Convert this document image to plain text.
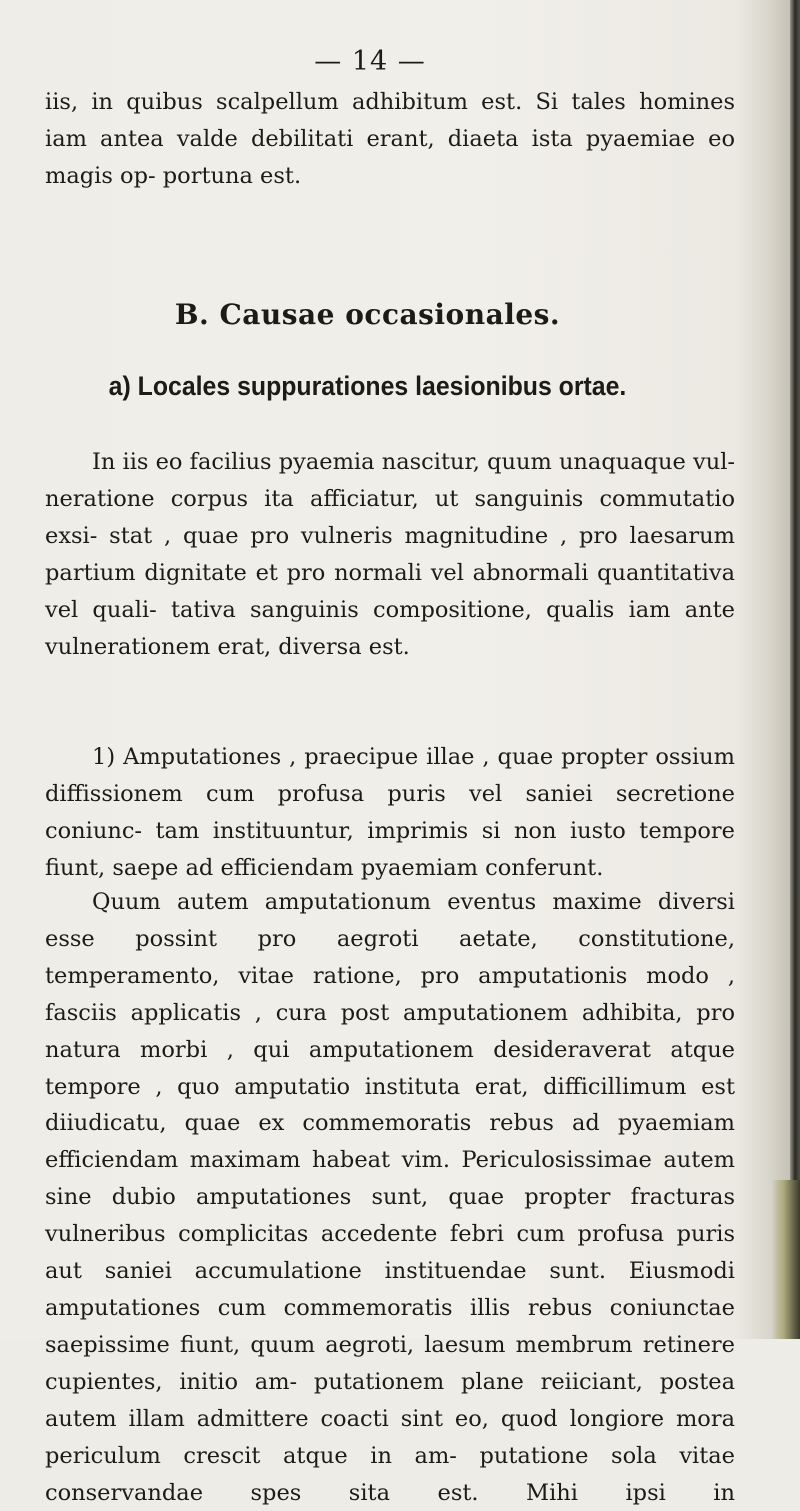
— 14 —
iis, in quibus scalpellum adhibitum est. Si tales homines iam antea valde debilitati erant, diaeta ista pyaemiae eo magis op- portuna est.
B. Causae occasionales.
a) Locales suppurationes laesionibus ortae.
In iis eo facilius pyaemia nascitur, quum unaquaque vul- neratione corpus ita afficiatur, ut sanguinis commutatio exsi- stat , quae pro vulneris magnitudine , pro laesarum partium dignitate et pro normali vel abnormali quantitativa vel quali- tativa sanguinis compositione, qualis iam ante vulnerationem erat, diversa est.
1) Amputationes , praecipue illae , quae propter ossium diffissionem cum profusa puris vel saniei secretione coniunc- tam instituuntur, imprimis si non iusto tempore fiunt, saepe ad efficiendam pyaemiam conferunt.
Quum autem amputationum eventus maxime diversi esse possint pro aegroti aetate, constitutione, temperamento, vitae ratione, pro amputationis modo , fasciis applicatis , cura post amputationem adhibita, pro natura morbi , qui amputationem desideraverat atque tempore , quo amputatio instituta erat, difficillimum est diiudicatu, quae ex commemoratis rebus ad pyaemiam efficiendam maximam habeat vim. Periculosissimae autem sine dubio amputationes sunt, quae propter fracturas vulneribus complicitas accedente febri cum profusa puris aut saniei accumulatione instituendae sunt. Eiusmodi amputationes cum commemoratis illis rebus coniunctae saepissime fiunt, quum aegroti, laesum membrum retinere cupientes, initio am- putationem plane reiiciant, postea autem illam admittere coacti sint eo, quod longiore mora periculum crescit atque in am- putatione sola vitae conservandae spes sita est. Mihi ipsi in
